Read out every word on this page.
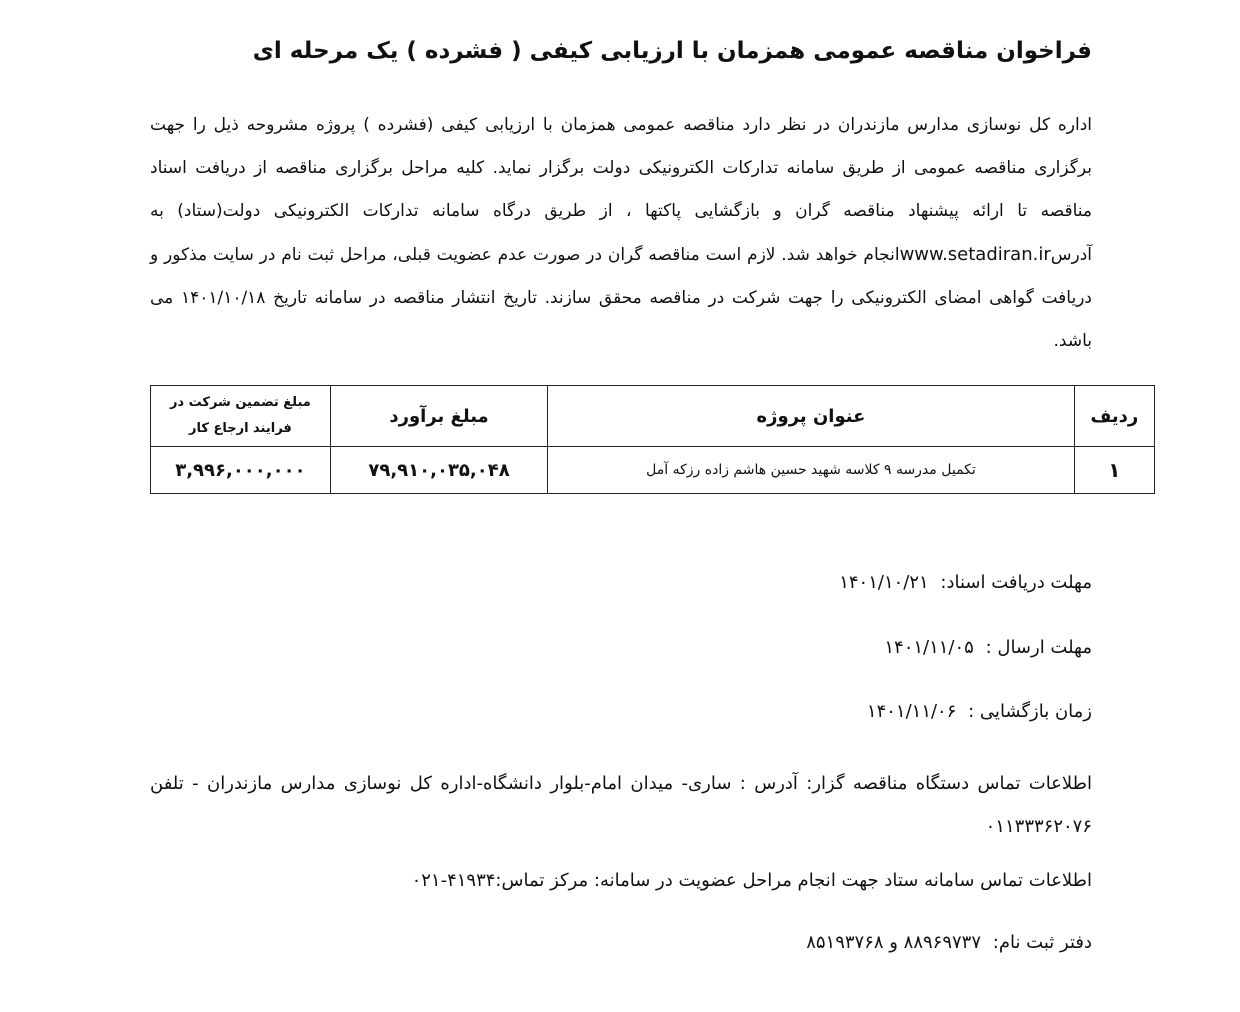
فراخوان مناقصه عمومی همزمان با ارزیابی کیفی ( فشرده ) یک مرحله ای
اداره کل نوسازی مدارس مازندران در نظر دارد مناقصه عمومی همزمان با ارزیابی کیفی (فشرده ) پروژه مشروحه ذیل را جهت برگزاری مناقصه عمومی از طریق سامانه تدارکات الکترونیکی دولت برگزار نماید. کلیه مراحل برگزاری مناقصه از دریافت اسناد مناقصه تا ارائه پیشنهاد مناقصه گران و بازگشایی پاکتها ، از طریق درگاه سامانه تدارکات الکترونیکی دولت(ستاد) به آدرسwww.setadiran.irانجام خواهد شد. لازم است مناقصه گران در صورت عدم عضویت قبلی، مراحل ثبت نام در سایت مذکور و دریافت گواهی امضای الکترونیکی را جهت شرکت در مناقصه محقق سازند. تاریخ انتشار مناقصه در سامانه تاریخ ۱۴۰۱/۱۰/۱۸ می باشد.
ردیف	عنوان پروژه	مبلغ برآورد	مبلغ تضمین شرکت در
فرایند ارجاع کار

۱	تکمیل مدرسه ۹ کلاسه شهید حسین هاشم زاده رزکه آمل	۷۹,۹۱۰,۰۳۵,۰۴۸	۳,۹۹۶,۰۰۰,۰۰۰
مهلت دریافت اسناد: ۱۴۰۱/۱۰/۲۱
مهلت ارسال : ۱۴۰۱/۱۱/۰۵
زمان بازگشایی : ۱۴۰۱/۱۱/۰۶
اطلاعات تماس دستگاه مناقصه گزار: آدرس : ساری- میدان امام-بلوار دانشگاه-اداره کل نوسازی مدارس مازندران - تلفن ۰۱۱۳۳۳۶۲۰۷۶
اطلاعات تماس سامانه ستاد جهت انجام مراحل عضویت در سامانه: مرکز تماس:۴۱۹۳۴-۰۲۱
دفتر ثبت نام: ۸۸۹۶۹۷۳۷ و ۸۵۱۹۳۷۶۸
